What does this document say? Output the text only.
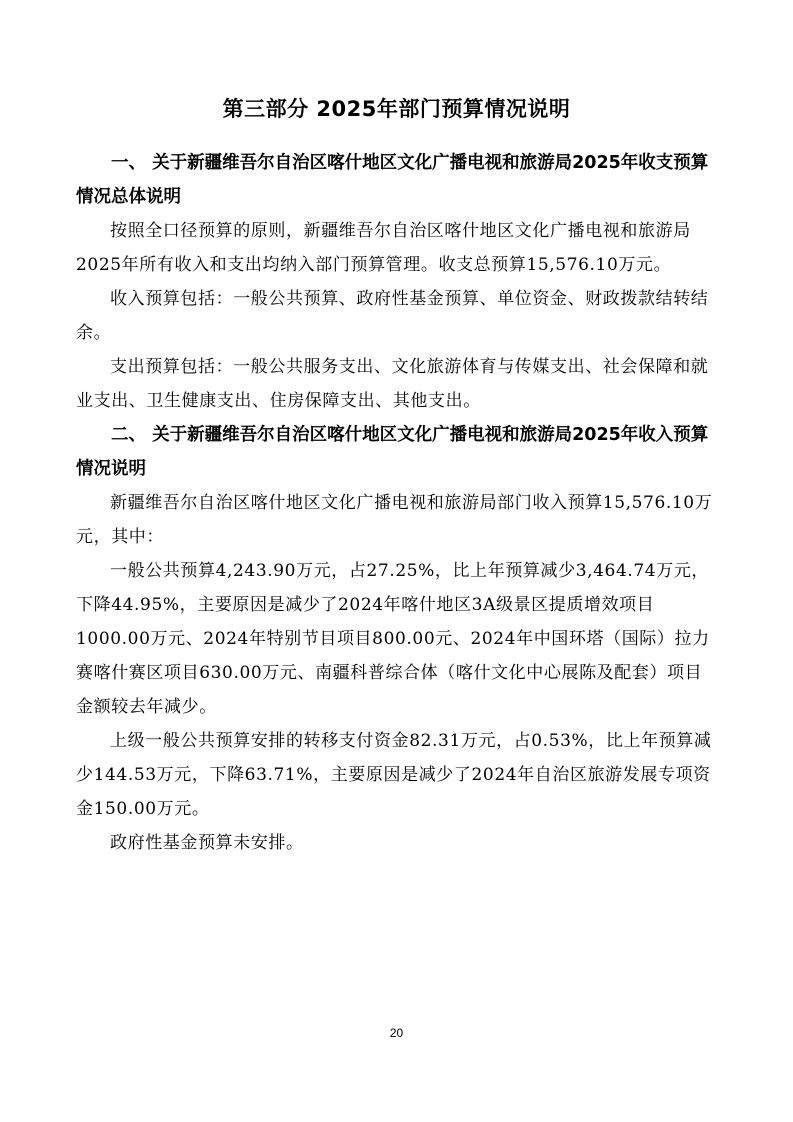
第三部分 2025年部门预算情况说明

一、 关于新疆维吾尔自治区喀什地区文化广播电视和旅游局2025年收支预算情况总体说明

按照全口径预算的原则，新疆维吾尔自治区喀什地区文化广播电视和旅游局2025年所有收入和支出均纳入部门预算管理。收支总预算15,576.10万元。

收入预算包括：一般公共预算、政府性基金预算、单位资金、财政拨款结转结余。

支出预算包括：一般公共服务支出、文化旅游体育与传媒支出、社会保障和就业支出、卫生健康支出、住房保障支出、其他支出。

二、 关于新疆维吾尔自治区喀什地区文化广播电视和旅游局2025年收入预算情况说明

新疆维吾尔自治区喀什地区文化广播电视和旅游局部门收入预算15,576.10万元，其中：

一般公共预算4,243.90万元，占27.25%，比上年预算减少3,464.74万元，下降44.95%，主要原因是减少了2024年喀什地区3A级景区提质增效项目1000.00万元、2024年特别节目项目800.00元、2024年中国环塔（国际）拉力赛喀什赛区项目630.00万元、南疆科普综合体（喀什文化中心展陈及配套）项目金额较去年减少。

上级一般公共预算安排的转移支付资金82.31万元，占0.53%，比上年预算减少144.53万元，下降63.71%，主要原因是减少了2024年自治区旅游发展专项资金150.00万元。

政府性基金预算未安排。

20
